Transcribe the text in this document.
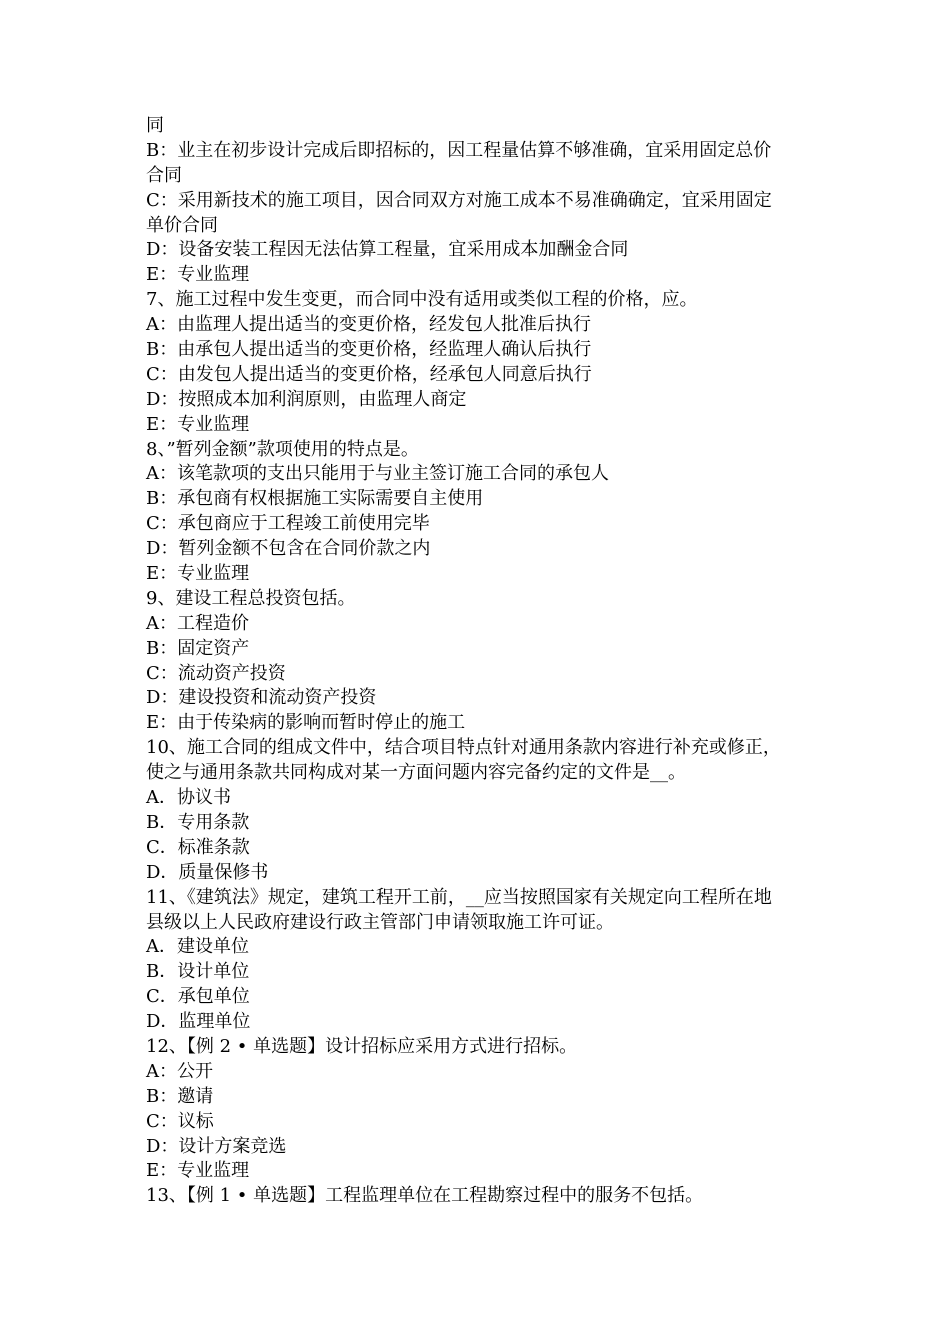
同
B：业主在初步设计完成后即招标的，因工程量估算不够准确，宜采用固定总价
合同
C：采用新技术的施工项目，因合同双方对施工成本不易准确确定，宜采用固定
单价合同
D：设备安装工程因无法估算工程量，宜采用成本加酬金合同
E：专业监理
7、施工过程中发生变更，而合同中没有适用或类似工程的价格，应。
A：由监理人提出适当的变更价格，经发包人批准后执行
B：由承包人提出适当的变更价格，经监理人确认后执行
C：由发包人提出适当的变更价格，经承包人同意后执行
D：按照成本加利润原则，由监理人商定
E：专业监理
8、”暂列金额”款项使用的特点是。
A：该笔款项的支出只能用于与业主签订施工合同的承包人
B：承包商有权根据施工实际需要自主使用
C：承包商应于工程竣工前使用完毕
D：暂列金额不包含在合同价款之内
E：专业监理
9、建设工程总投资包括。
A：工程造价
B：固定资产
C：流动资产投资
D：建设投资和流动资产投资
E：由于传染病的影响而暂时停止的施工
10、施工合同的组成文件中，结合项目特点针对通用条款内容进行补充或修正，
使之与通用条款共同构成对某一方面问题内容完备约定的文件是__。
A．协议书
B．专用条款
C．标准条款
D．质量保修书
11、《建筑法》规定，建筑工程开工前，__应当按照国家有关规定向工程所在地
县级以上人民政府建设行政主管部门申请领取施工许可证。
A．建设单位
B．设计单位
C．承包单位
D．监理单位
12、【例 2 • 单选题】设计招标应采用方式进行招标。
A：公开
B：邀请
C：议标
D：设计方案竞选
E：专业监理
13、【例 1 • 单选题】工程监理单位在工程勘察过程中的服务不包括。
